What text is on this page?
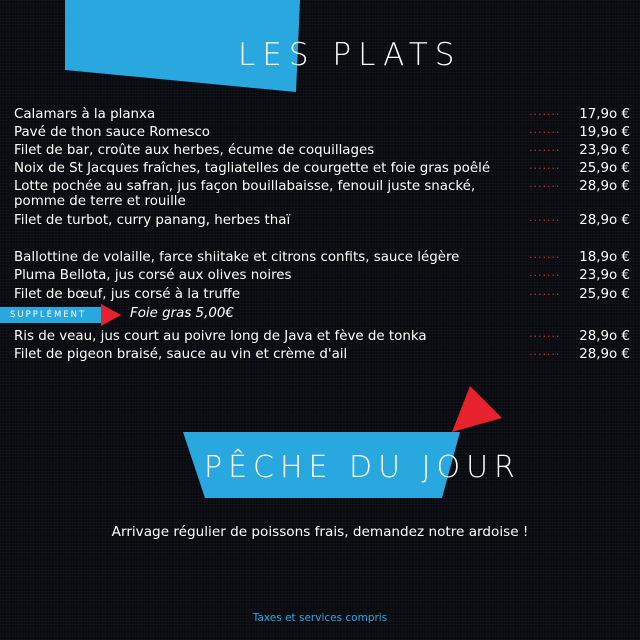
LES PLATS
Calamars à la planxa	······· 17,9o €
Pavé de thon sauce Romesco	······· 19,9o €
Filet de bar, croûte aux herbes, écume de coquillages	······· 23,9o €
Noix de St Jacques fraîches, tagliatelles de courgette et foie gras poêlé	······· 25,9o €
Lotte pochée au safran, jus façon bouillabaisse, fenouil juste snacké, pomme de terre et rouille
······· 28,9o €
Filet de turbot, curry panang, herbes thaï	······· 28,9o €
Ballottine de volaille, farce shiitake et citrons confits, sauce légère	······· 18,9o €
Pluma Bellota, jus corsé aux olives noires	······· 23,9o €
Filet de bœuf, jus corsé à la truffe	······· 25,9o €
Ris de veau, jus court au poivre long de Java et fève de tonka	······· 28,9o €
Filet de pigeon braisé, sauce au vin et crème d'ail	······· 28,9o €
SUPPLÉMENT	Foie gras 5,00€
PÊCHE DU JOUR
Arrivage régulier de poissons frais, demandez notre ardoise !
Taxes et services compris
